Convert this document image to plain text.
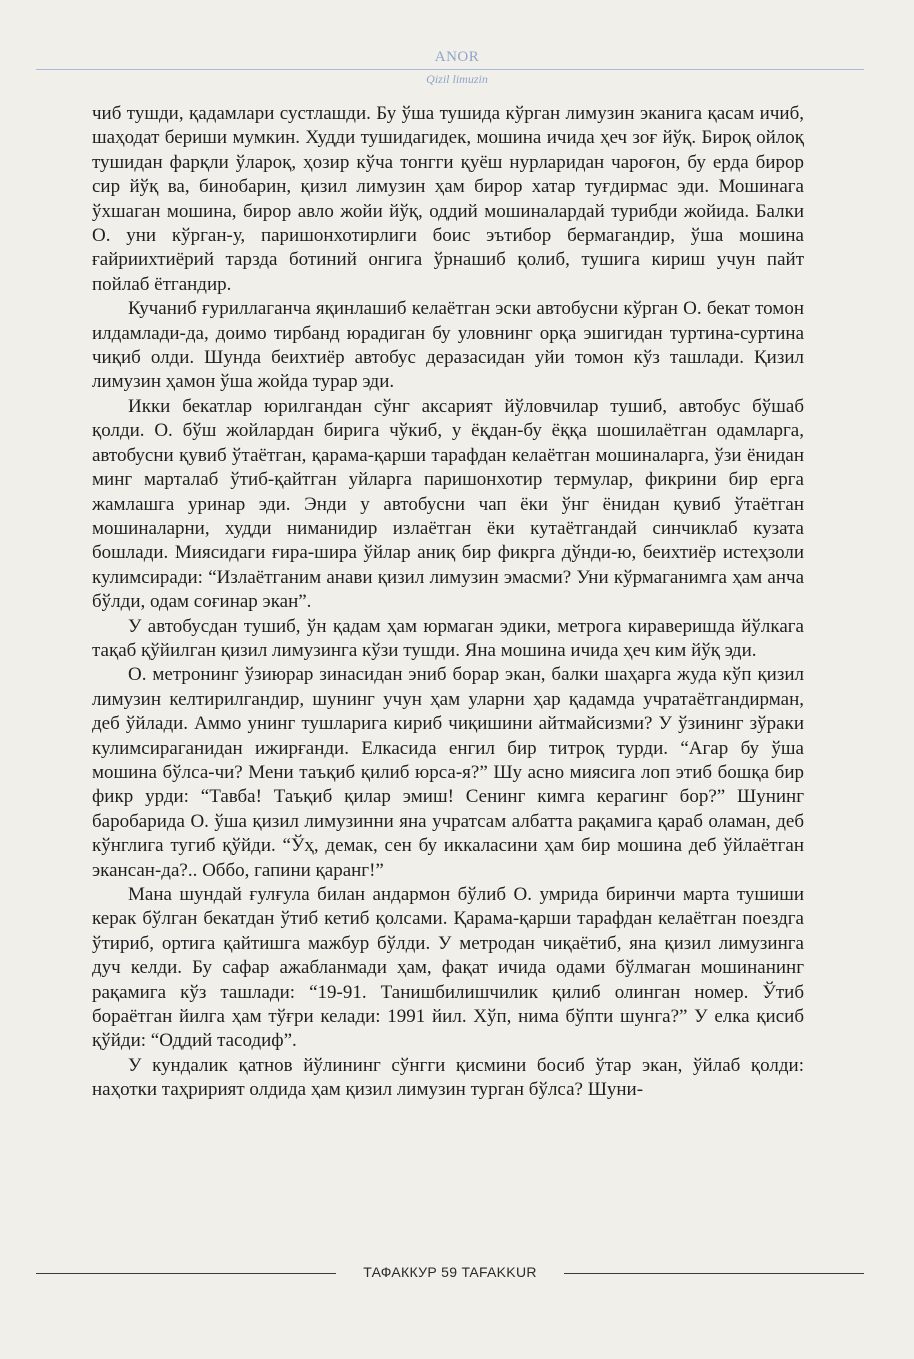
ANOR
Qizil limuzin

чиб тушди, қадамлари сустлашди. Бу ўша тушида кўрган лимузин эканига қасам ичиб, шаҳодат бериши мумкин. Худди тушидагидек, мошина ичида ҳеч зоғ йўқ. Бироқ ойлоқ тушидан фарқли ўлароқ, ҳозир кўча тонгги қуёш нурларидан чароғон, бу ерда бирор сир йўқ ва, бинобарин, қизил лимузин ҳам бирор хатар туғдирмас эди. Мошинага ўхшаган мошина, бирор авло жойи йўқ, оддий мошиналардай турибди жойида. Балки О. уни кўрган-у, паришонхотирлиги боис эътибор бермагандир, ўша мошина ғайриихтиёрий тарзда ботиний онгига ўрнашиб қолиб, тушига кириш учун пайт пойлаб ётгандир.

Кучаниб ғуриллаганча яқинлашиб келаётган эски автобусни кўрган О. бекат томон илдамлади-да, доимо тирбанд юрадиган бу уловнинг орқа эшигидан туртина-суртина чиқиб олди. Шунда беихтиёр автобус деразасидан уйи томон кўз ташлади. Қизил лимузин ҳамон ўша жойда турар эди.

Икки бекатлар юрилгандан сўнг аксарият йўловчилар тушиб, автобус бўшаб қолди. О. бўш жойлардан бирига чўкиб, у ёқдан-бу ёққа шошилаётган одамларга, автобусни қувиб ўтаётган, қарама-қарши тарафдан келаётган мошиналарга, ўзи ёнидан минг марталаб ўтиб-қайтган уйларга паришонхотир термулар, фикрини бир ерга жамлашга уринар эди. Энди у автобусни чап ёки ўнг ёнидан қувиб ўтаётган мошиналарни, худди ниманидир излаётган ёки кутаётгандай синчиклаб кузата бошлади. Миясидаги ғира-шира ўйлар аниқ бир фикрга дўнди-ю, беихтиёр истеҳзоли кулимсиради: “Излаётганим анави қизил лимузин эмасми? Уни кўрмаганимга ҳам анча бўлди, одам соғинар экан”.

У автобусдан тушиб, ўн қадам ҳам юрмаган эдики, метрога кираверишда йўлкага тақаб қўйилган қизил лимузинга кўзи тушди. Яна мошина ичида ҳеч ким йўқ эди.

О. метронинг ўзиюрар зинасидан эниб борар экан, балки шаҳарга жуда кўп қизил лимузин келтирилгандир, шунинг учун ҳам уларни ҳар қадамда учратаётгандирман, деб ўйлади. Аммо унинг тушларига кириб чиқишини айтмайсизми? У ўзининг зўраки кулимсираганидан ижирғанди. Елкасида енгил бир титроқ турди. “Агар бу ўша мошина бўлса-чи? Мени таъқиб қилиб юрса-я?” Шу асно миясига лоп этиб бошқа бир фикр урди: “Тавба! Таъқиб қилар эмиш! Сенинг кимга керагинг бор?” Шунинг баробарида О. ўша қизил лимузинни яна учратсам албатта рақамига қараб оламан, деб кўнглига тугиб қўйди. “Ўҳ, демак, сен бу иккаласини ҳам бир мошина деб ўйлаётган экансан-да?.. Оббо, гапини қаранг!”

Мана шундай ғулғула билан андармон бўлиб О. умрида биринчи марта тушиши керак бўлган бекатдан ўтиб кетиб қолсами. Қарама-қарши тарафдан келаётган поездга ўтириб, ортига қайтишга мажбур бўлди. У метродан чиқаётиб, яна қизил лимузинга дуч келди. Бу сафар ажабланмади ҳам, фақат ичида одами бўлмаган мошинанинг рақамига кўз ташлади: “19-91. Танишбилишчилик қилиб олинган номер. Ўтиб бораётган йилга ҳам тўғри келади: 1991 йил. Хўп, нима бўпти шунга?” У елка қисиб қўйди: “Оддий тасодиф”.

У кундалик қатнов йўлининг сўнгги қисмини босиб ўтар экан, ўйлаб қолди: наҳотки таҳририят олдида ҳам қизил лимузин турган бўлса? Шуни-

ТАФАККУР 59 TAFAKKUR
